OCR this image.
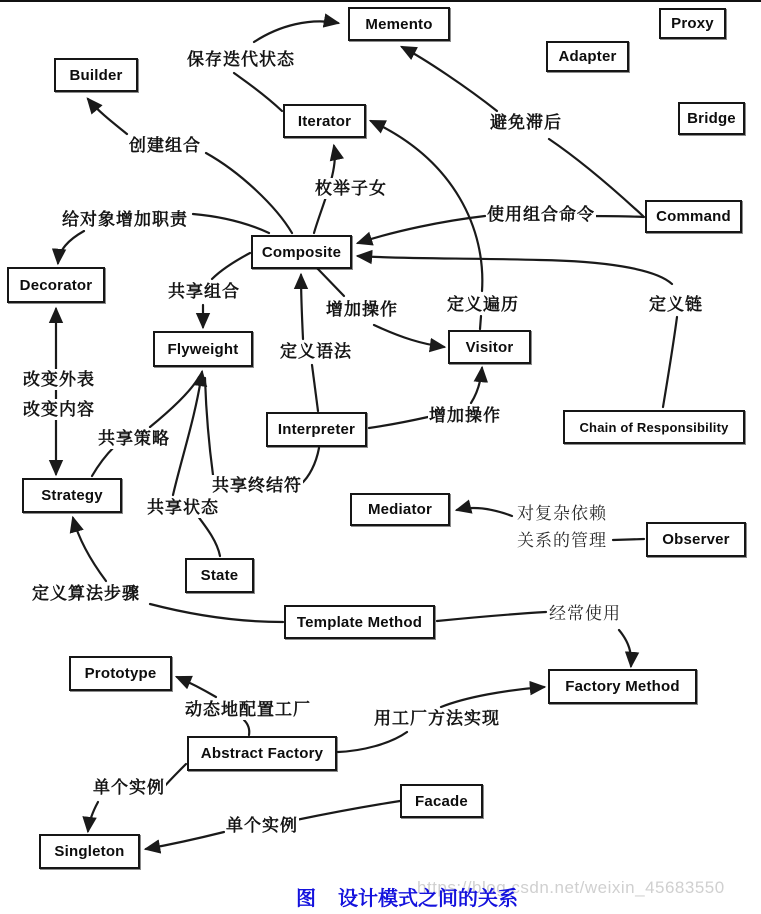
保存迭代状态
创建组合
避免滞后
枚举子女
使用组合命令
给对象增加职责
共享组合
增加操作	定义遍历	定义链
定义语法
改变外表
改变内容
共享策略
增加操作
共享终结符
共享状态	对复杂依赖
关系的管理
定义算法步骤
经常使用
动态地配置工厂	用工厂方法实现
单个实例
单个实例
Memento	Proxy
Adapter
Builder
Iterator	Bridge
Command
Composite
Decorator
Flyweight	Visitor
Chain of Responsibility
Interpreter
Strategy
Mediator
Observer
State
Template Method
Prototype
Factory Method
Abstract Factory
Facade
Singleton
https://blog.csdn.net/weixin_45683550
图 设计模式之间的关系
